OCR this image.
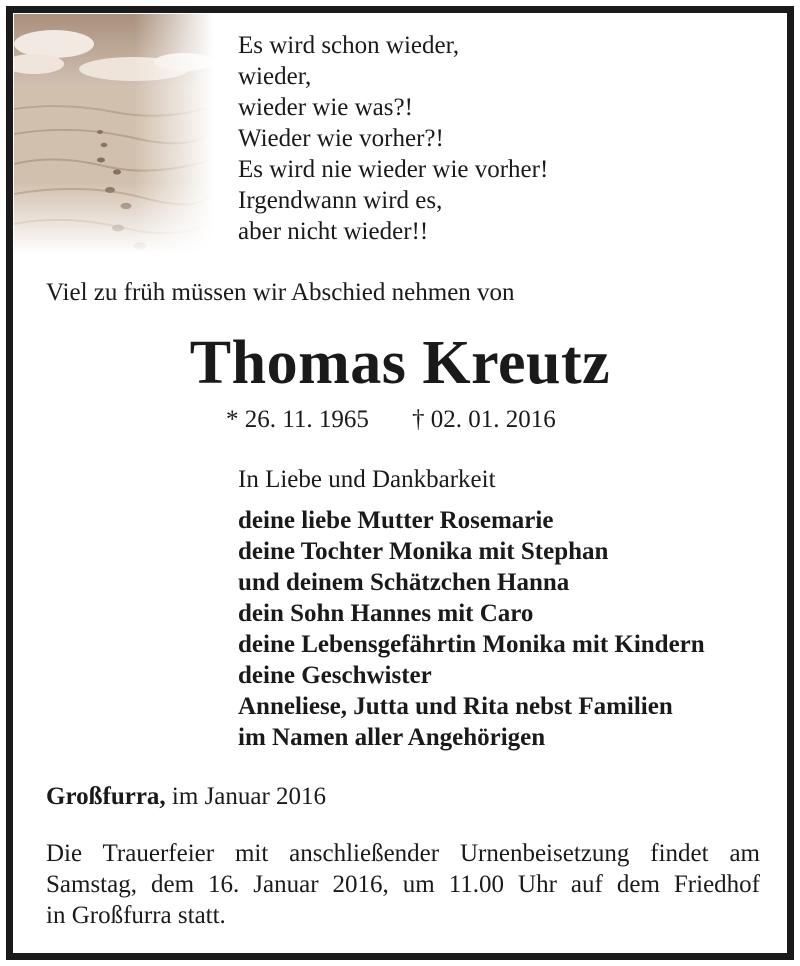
Es wird schon wieder,
wieder,
wieder wie was?!
Wieder wie vorher?!
Es wird nie wieder wie vorher!
Irgendwann wird es,
aber nicht wieder!!
Viel zu früh müssen wir Abschied nehmen von
Thomas Kreutz
* 26. 11. 1965 † 02. 01. 2016
In Liebe und Dankbarkeit
deine liebe Mutter Rosemarie
deine Tochter Monika mit Stephan
und deinem Schätzchen Hanna
dein Sohn Hannes mit Caro
deine Lebensgefährtin Monika mit Kindern
deine Geschwister
Anneliese, Jutta und Rita nebst Familien
im Namen aller Angehörigen
Großfurra, im Januar 2016
Die Trauerfeier mit anschließender Urnenbeisetzung findet am
Samstag, dem 16. Januar 2016, um 11.00 Uhr auf dem Friedhof
in Großfurra statt.
